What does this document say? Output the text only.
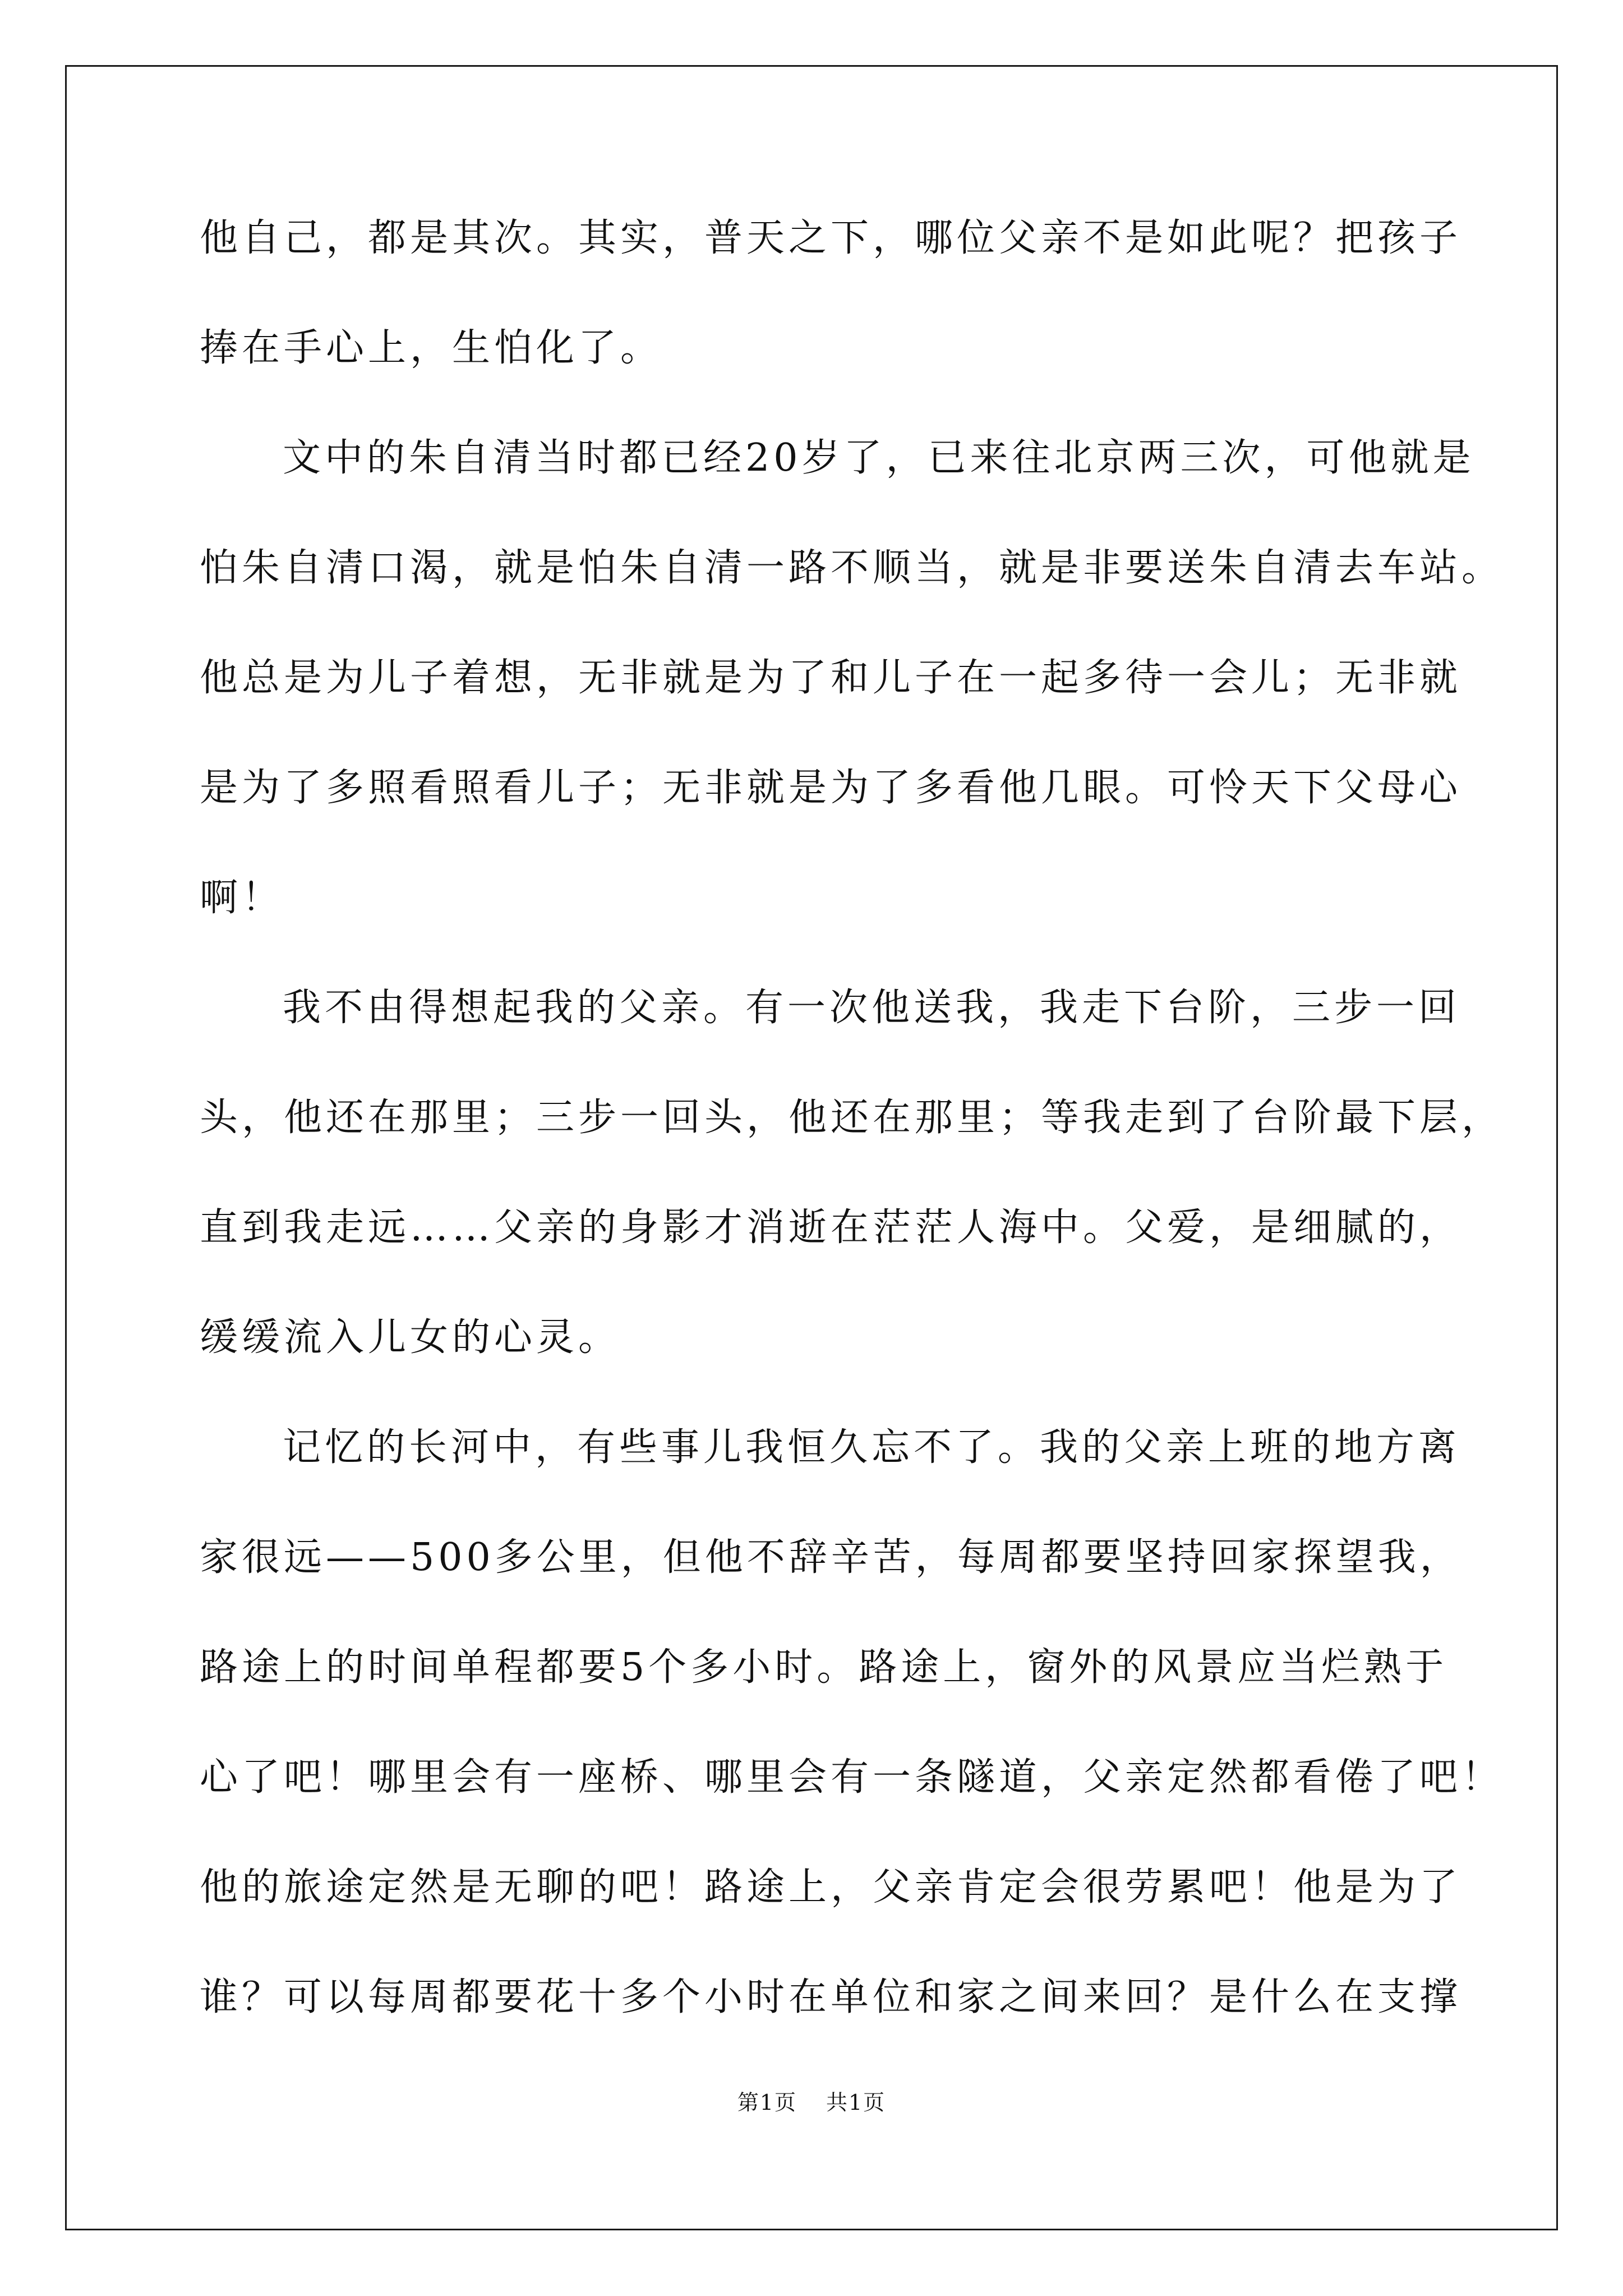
他自己，都是其次。其实，普天之下，哪位父亲不是如此呢？把孩子
捧在手心上，生怕化了。
文中的朱自清当时都已经20岁了，已来往北京两三次，可他就是
怕朱自清口渴，就是怕朱自清一路不顺当，就是非要送朱自清去车站。
他总是为儿子着想，无非就是为了和儿子在一起多待一会儿；无非就
是为了多照看照看儿子；无非就是为了多看他几眼。可怜天下父母心
啊！
我不由得想起我的父亲。有一次他送我，我走下台阶，三步一回
头，他还在那里；三步一回头，他还在那里；等我走到了台阶最下层，
直到我走远……父亲的身影才消逝在茫茫人海中。父爱，是细腻的，
缓缓流入儿女的心灵。
记忆的长河中，有些事儿我恒久忘不了。我的父亲上班的地方离
家很远——500多公里，但他不辞辛苦，每周都要坚持回家探望我，
路途上的时间单程都要5个多小时。路途上，窗外的风景应当烂熟于
心了吧！哪里会有一座桥、哪里会有一条隧道，父亲定然都看倦了吧！
他的旅途定然是无聊的吧！路途上，父亲肯定会很劳累吧！他是为了
谁？可以每周都要花十多个小时在单位和家之间来回？是什么在支撑
第1页 共1页
